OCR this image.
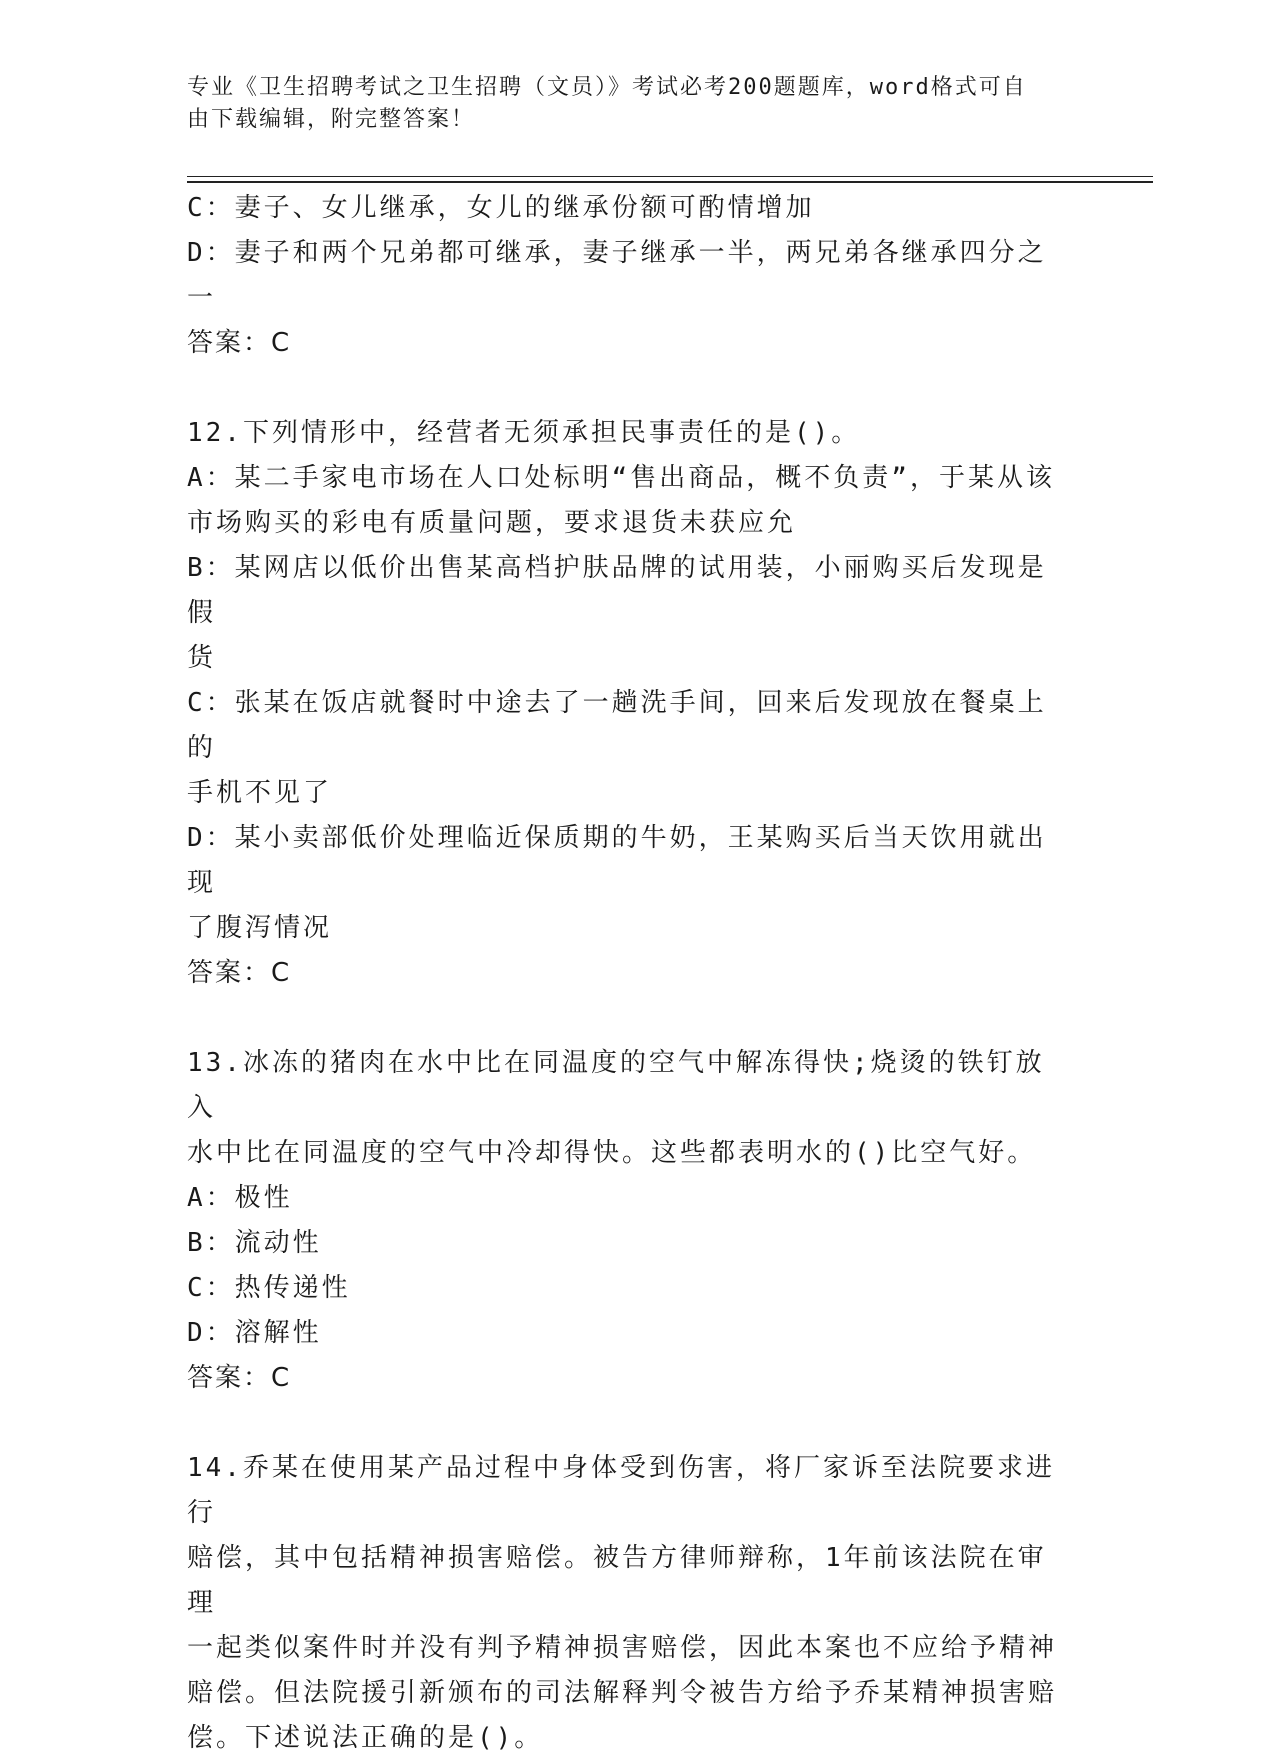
专业《卫生招聘考试之卫生招聘（文员）》考试必考200题题库，word格式可自
由下载编辑，附完整答案！
C：妻子、女儿继承，女儿的继承份额可酌情增加
D：妻子和两个兄弟都可继承，妻子继承一半，两兄弟各继承四分之一
答案：C
12.下列情形中，经营者无须承担民事责任的是()。
A：某二手家电市场在人口处标明“售出商品，概不负责”，于某从该
市场购买的彩电有质量问题，要求退货未获应允
B：某网店以低价出售某高档护肤品牌的试用装，小丽购买后发现是假
货
C：张某在饭店就餐时中途去了一趟洗手间，回来后发现放在餐桌上的
手机不见了
D：某小卖部低价处理临近保质期的牛奶，王某购买后当天饮用就出现
了腹泻情况
答案：C
13.冰冻的猪肉在水中比在同温度的空气中解冻得快;烧烫的铁钉放入
水中比在同温度的空气中冷却得快。这些都表明水的()比空气好。
A：极性
B：流动性
C：热传递性
D：溶解性
答案：C
14.乔某在使用某产品过程中身体受到伤害，将厂家诉至法院要求进行
赔偿，其中包括精神损害赔偿。被告方律师辩称，1年前该法院在审理
一起类似案件时并没有判予精神损害赔偿，因此本案也不应给予精神
赔偿。但法院援引新颁布的司法解释判令被告方给予乔某精神损害赔
偿。下述说法正确的是()。
